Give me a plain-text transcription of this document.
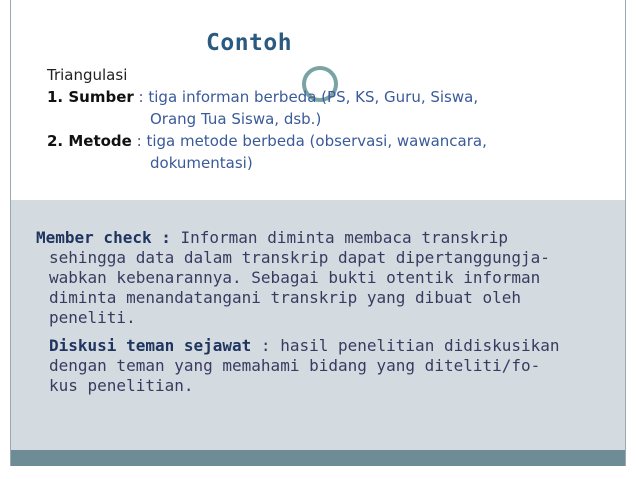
Contoh
Triangulasi
1. Sumber : tiga informan berbeda (PS, KS, Guru, Siswa,
Orang Tua Siswa, dsb.)
2. Metode : tiga metode berbeda (observasi, wawancara,
dokumentasi)
Member check : Informan diminta membaca transkrip
sehingga data dalam transkrip dapat dipertanggungja-
wabkan kebenarannya. Sebagai bukti otentik informan
diminta menandatangani transkrip yang dibuat oleh
peneliti.
Diskusi teman sejawat : hasil penelitian didiskusikan
dengan teman yang memahami bidang yang diteliti/fo-
kus penelitian.
